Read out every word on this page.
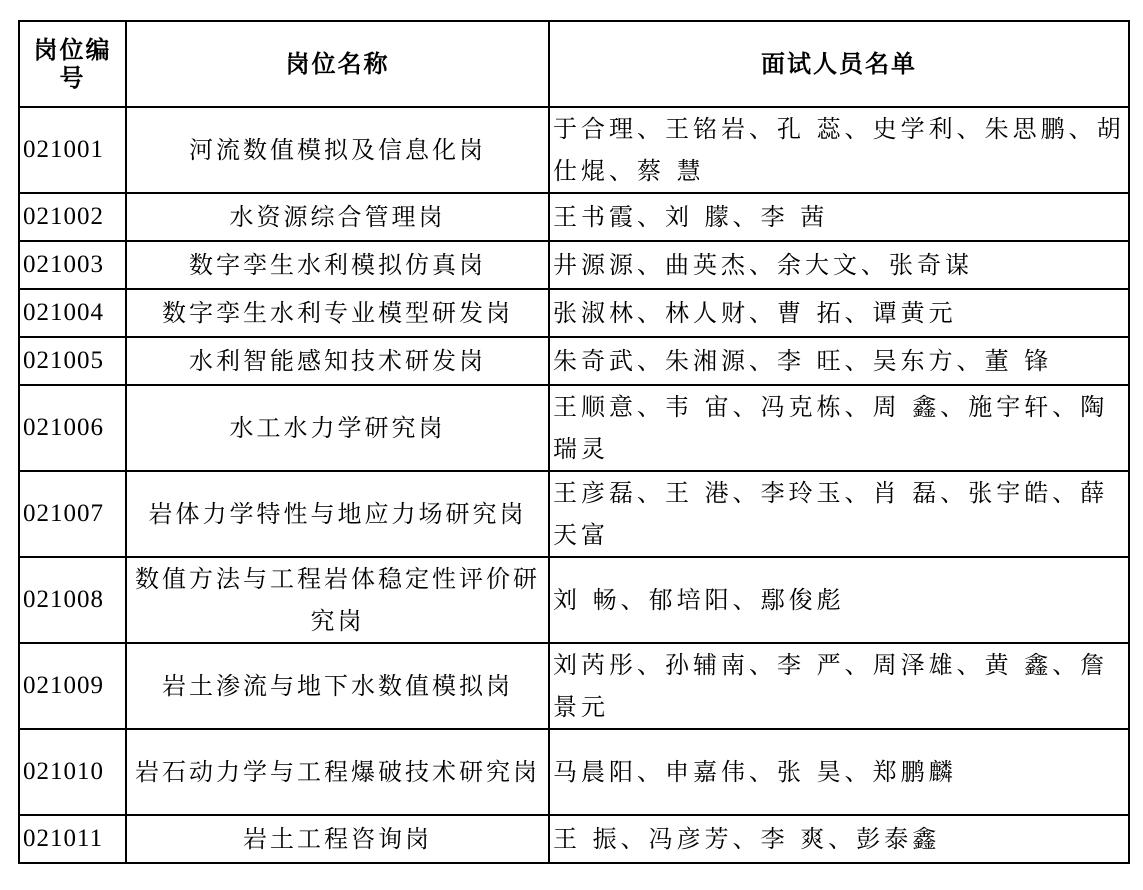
岗位编号	岗位名称	面试人员名单
021001	河流数值模拟及信息化岗	于合理、王铭岩、孔 蕊、史学利、朱思鹏、胡仕焜、蔡 慧
021002	水资源综合管理岗	王书霞、刘 朦、李 茜
021003	数字孪生水利模拟仿真岗	井源源、曲英杰、余大文、张奇谋
021004	数字孪生水利专业模型研发岗	张淑林、林人财、曹 拓、谭黄元
021005	水利智能感知技术研发岗	朱奇武、朱湘源、李 旺、吴东方、董 锋
021006	水工水力学研究岗	王顺意、韦 宙、冯克栋、周 鑫、施宇轩、陶瑞灵
021007	岩体力学特性与地应力场研究岗	王彦磊、王 港、李玲玉、肖 磊、张宇皓、薛天富
021008	数值方法与工程岩体稳定性评价研究岗	刘 畅、郁培阳、鄢俊彪
021009	岩土渗流与地下水数值模拟岗	刘芮彤、孙辅南、李 严、周泽雄、黄 鑫、詹景元
021010	岩石动力学与工程爆破技术研究岗	马晨阳、申嘉伟、张 昊、郑鹏麟
021011	岩土工程咨询岗	王 振、冯彦芳、李 爽、彭泰鑫
